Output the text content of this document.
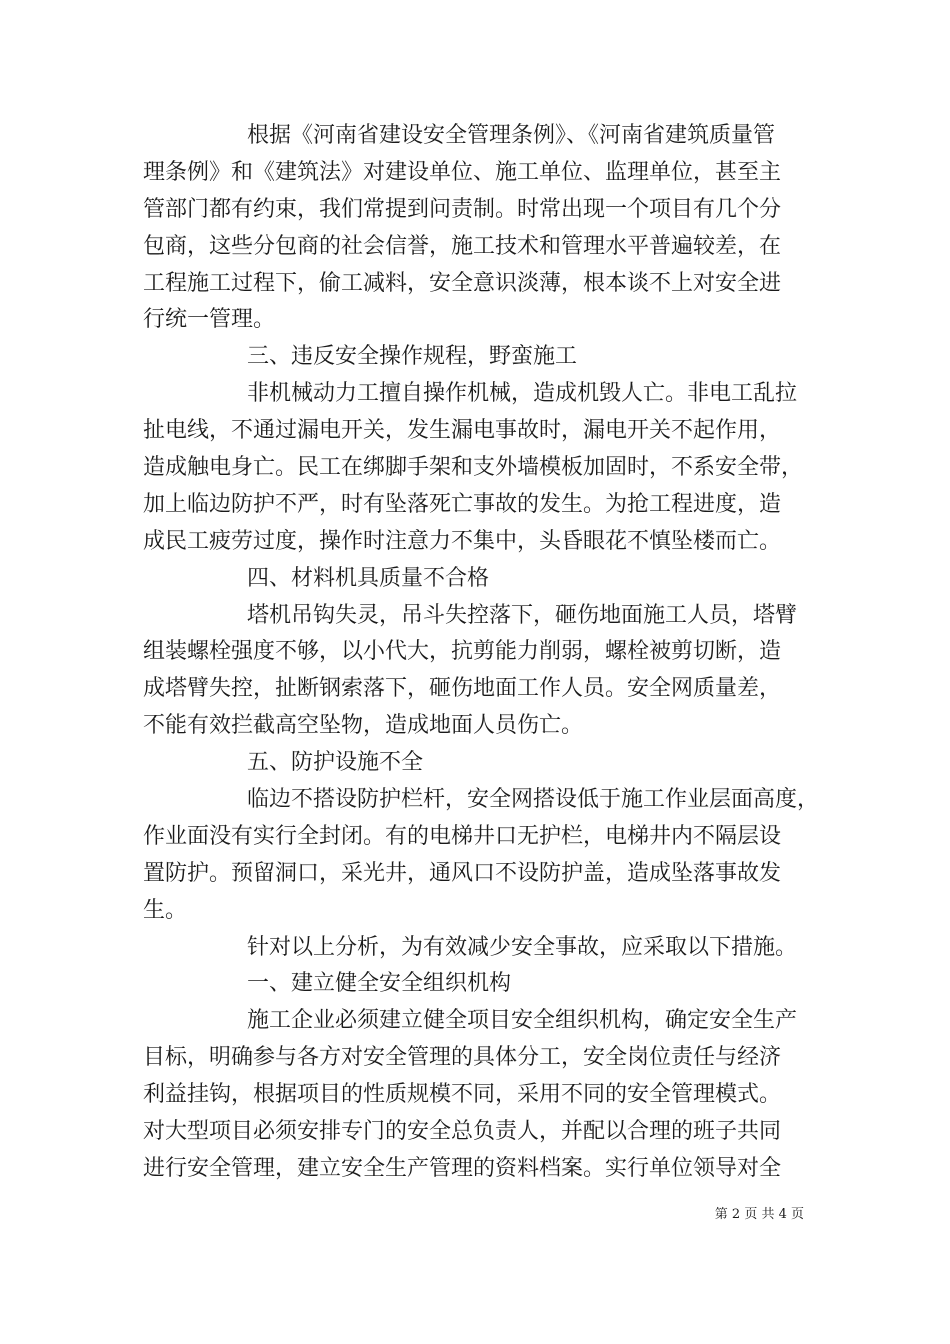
根据《河南省建设安全管理条例》、《河南省建筑质量管
理条例》和《建筑法》对建设单位、施工单位、监理单位，甚至主
管部门都有约束，我们常提到问责制。时常出现一个项目有几个分
包商，这些分包商的社会信誉，施工技术和管理水平普遍较差，在
工程施工过程下，偷工减料，安全意识淡薄，根本谈不上对安全进
行统一管理。
三、违反安全操作规程，野蛮施工
非机械动力工擅自操作机械，造成机毁人亡。非电工乱拉
扯电线，不通过漏电开关，发生漏电事故时，漏电开关不起作用，
造成触电身亡。民工在绑脚手架和支外墙模板加固时，不系安全带，
加上临边防护不严，时有坠落死亡事故的发生。为抢工程进度，造
成民工疲劳过度，操作时注意力不集中，头昏眼花不慎坠楼而亡。
四、材料机具质量不合格
塔机吊钩失灵，吊斗失控落下，砸伤地面施工人员，塔臂
组装螺栓强度不够，以小代大，抗剪能力削弱，螺栓被剪切断，造
成塔臂失控，扯断钢索落下，砸伤地面工作人员。安全网质量差，
不能有效拦截高空坠物，造成地面人员伤亡。
五、防护设施不全
临边不搭设防护栏杆，安全网搭设低于施工作业层面高度，
作业面没有实行全封闭。有的电梯井口无护栏，电梯井内不隔层设
置防护。预留洞口，采光井，通风口不设防护盖，造成坠落事故发
生。
针对以上分析，为有效减少安全事故，应采取以下措施。
一、建立健全安全组织机构
施工企业必须建立健全项目安全组织机构，确定安全生产
目标，明确参与各方对安全管理的具体分工，安全岗位责任与经济
利益挂钩，根据项目的性质规模不同，采用不同的安全管理模式。
对大型项目必须安排专门的安全总负责人，并配以合理的班子共同
进行安全管理，建立安全生产管理的资料档案。实行单位领导对全
第 2 页 共 4 页
